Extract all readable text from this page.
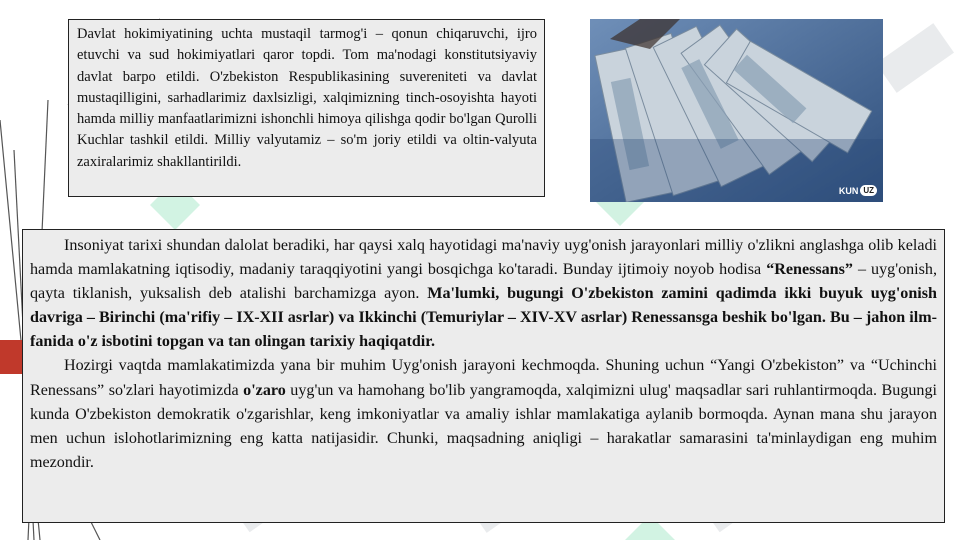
Davlat hokimiyatining uchta mustaqil tarmog'i – qonun chiqaruvchi, ijro etuvchi va sud hokimiyatlari qaror topdi. Tom ma'nodagi konstitutsiyaviy davlat barpo etildi. O'zbekiston Respublikasining suvereniteti va davlat mustaqilligini, sarhadlarimiz daxlsizligi, xalqimizning tinch-osoyishta hayoti hamda milliy manfaatlarimizni ishonchli himoya qilishga qodir bo'lgan Qurolli Kuchlar tashkil etildi. Milliy valyutamiz – so'm joriy etildi va oltin-valyuta zaxiralarimiz shakllantirildi.

KUN UZ

Insoniyat tarixi shundan dalolat beradiki, har qaysi xalq hayotidagi ma'naviy uyg'onish jarayonlari milliy o'zlikni anglashga olib keladi hamda mamlakatning iqtisodiy, madaniy taraqqiyotini yangi bosqichga ko'taradi. Bunday ijtimoiy noyob hodisa “Renessans” – uyg'onish, qayta tiklanish, yuksalish deb atalishi barchamizga ayon. Ma'lumki, bugungi O'zbekiston zamini qadimda ikki buyuk uyg'onish davriga – Birinchi (ma'rifiy – IX-XII asrlar) va Ikkinchi (Temuriylar – XIV-XV asrlar) Renessansga beshik bo'lgan. Bu – jahon ilm-fanida o'z isbotini topgan va tan olingan tarixiy haqiqatdir.

Hozirgi vaqtda mamlakatimizda yana bir muhim Uyg'onish jarayoni kechmoqda. Shuning uchun “Yangi O'zbekiston” va “Uchinchi Renessans” so'zlari hayotimizda o'zaro uyg'un va hamohang bo'lib yangramoqda, xalqimizni ulug' maqsadlar sari ruhlantirmoqda. Bugungi kunda O'zbekiston demokratik o'zgarishlar, keng imkoniyatlar va amaliy ishlar mamlakatiga aylanib bormoqda. Aynan mana shu jarayon men uchun islohotlarimizning eng katta natijasidir. Chunki, maqsadning aniqligi – harakatlar samarasini ta'minlaydigan eng muhim mezondir.
